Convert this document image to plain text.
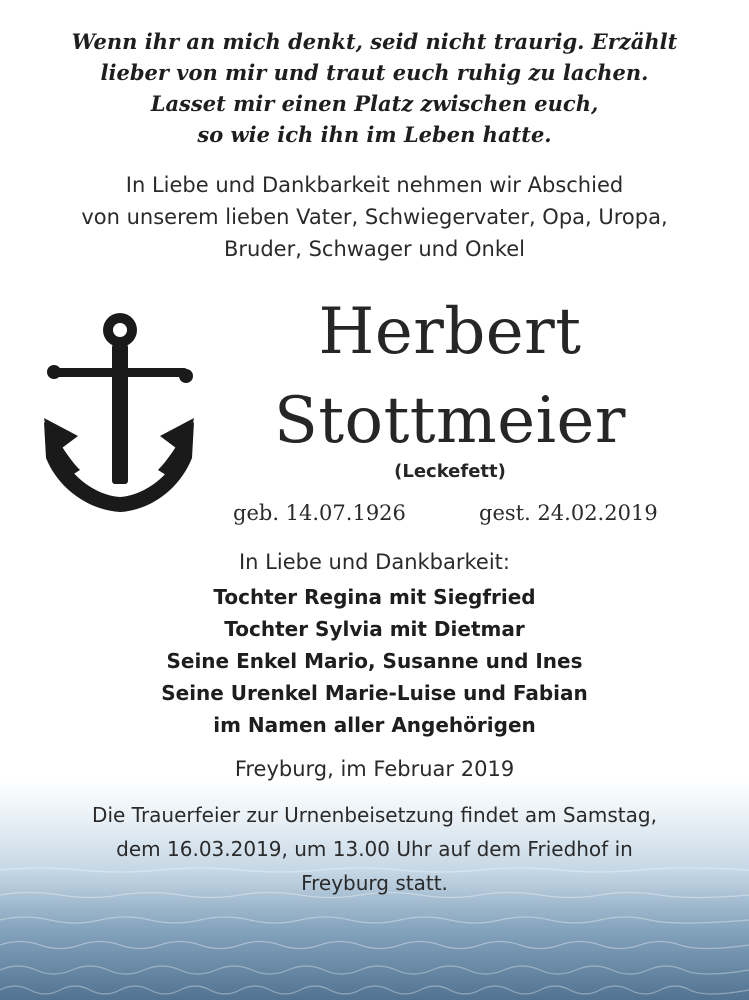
Wenn ihr an mich denkt, seid nicht traurig. Erzählt
lieber von mir und traut euch ruhig zu lachen.
Lasset mir einen Platz zwischen euch,
so wie ich ihn im Leben hatte.
In Liebe und Dankbarkeit nehmen wir Abschied
von unserem lieben Vater, Schwiegervater, Opa, Uropa,
Bruder, Schwager und Onkel
Herbert
Stottmeier
(Leckefett)
geb. 14.07.1926	gest. 24.02.2019
In Liebe und Dankbarkeit:
Tochter Regina mit Siegfried
Tochter Sylvia mit Dietmar
Seine Enkel Mario, Susanne und Ines
Seine Urenkel Marie-Luise und Fabian
im Namen aller Angehörigen
Freyburg, im Februar 2019
Die Trauerfeier zur Urnenbeisetzung findet am Samstag,
dem 16.03.2019, um 13.00 Uhr auf dem Friedhof in
Freyburg statt.
